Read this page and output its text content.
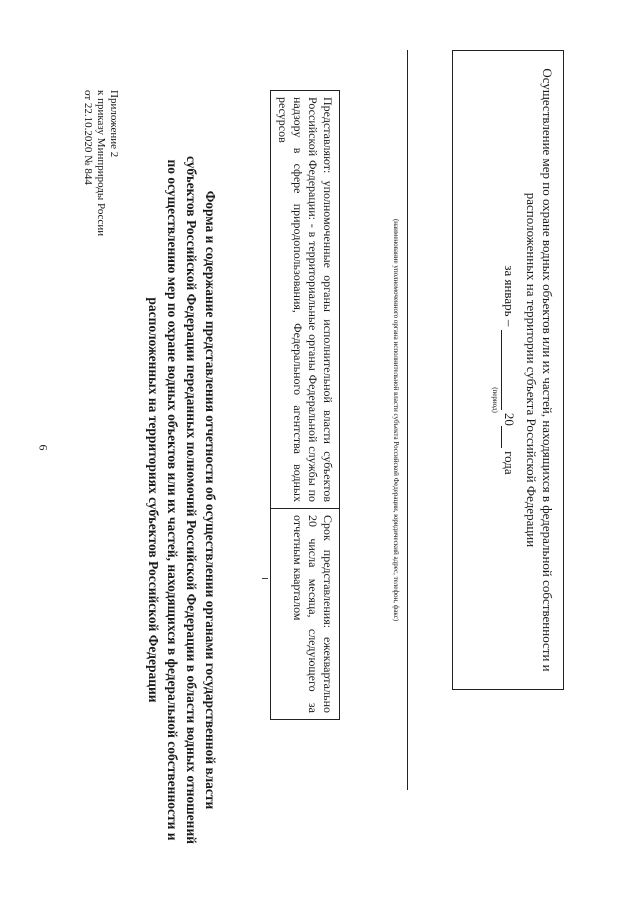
6
Приложение 2
к приказу Минприроды России
от 22.10.2020 № 844
Форма и содержание представления отчетности об осуществлении органами государственной власти
субъектов Российской Федерации переданных полномочий Российской Федерации в области водных отношений
по осуществлению мер по охране водных объектов или их частей, находящихся в федеральной собственности и
расположенных на территориях субъектов Российской Федерации	Представляют: уполномоченные органы исполнительной власти субъектов Российской Федерации: - в территориальные органы Федеральной службы по надзору в сфере природопользования, Федерального агентства водных ресурсов	Срок представления: ежеквартально 20 числа месяца, следующего за отчетным кварталом	(наименование уполномоченного органа исполнительной власти субъекта Российской Федерации, юридический адрес, телефон, факс)	Осуществление мер по охране водных объектов или их частей, находящихся в федеральной собственности и
расположенных на территории субъекта Российской Федерации
за январь –  20 года
(период)
